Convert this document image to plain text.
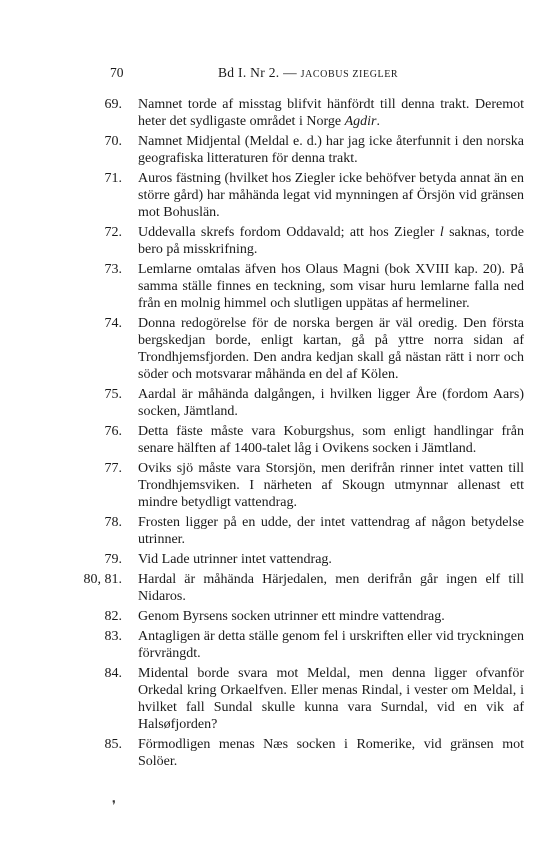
70	Bd I. Nr 2. — JACOBUS ZIEGLER
69. Namnet torde af misstag blifvit hänfördt till denna trakt. Deremot heter det sydligaste området i Norge Agdir.
70. Namnet Midjental (Meldal e. d.) har jag icke återfunnit i den norska geografiska litteraturen för denna trakt.
71. Auros fästning (hvilket hos Ziegler icke behöfver betyda annat än en större gård) har måhända legat vid mynningen af Örsjön vid gränsen mot Bohuslän.
72. Uddevalla skrefs fordom Oddavald; att hos Ziegler l saknas, torde bero på misskrifning.
73. Lemlarne omtalas äfven hos Olaus Magni (bok XVIII kap. 20). På samma ställe finnes en teckning, som visar huru lemlarne falla ned från en molnig himmel och slutligen uppätas af hermeliner.
74. Donna redogörelse för de norska bergen är väl oredig. Den första bergskedjan borde, enligt kartan, gå på yttre norra sidan af Trondhjemsfjorden. Den andra kedjan skall gå nästan rätt i norr och söder och motsvarar måhända en del af Kölen.
75. Aardal är måhända dalgången, i hvilken ligger Åre (fordom Aars) socken, Jämtland.
76. Detta fäste måste vara Koburgshus, som enligt handlingar från senare hälften af 1400-talet låg i Ovikens socken i Jämtland.
77. Oviks sjö måste vara Storsjön, men derifrån rinner intet vatten till Trondhjemsviken. I närheten af Skougn utmynnar allenast ett mindre betydligt vattendrag.
78. Frosten ligger på en udde, der intet vattendrag af någon betydelse utrinner.
79. Vid Lade utrinner intet vattendrag.
80, 81. Hardal är måhända Härjedalen, men derifrån går ingen elf till Nidaros.
82. Genom Byrsens socken utrinner ett mindre vattendrag.
83. Antagligen är detta ställe genom fel i urskriften eller vid tryckningen förvrängdt.
84. Midental borde svara mot Meldal, men denna ligger ofvanför Orkedal kring Orkaelfven. Eller menas Rindal, i vester om Meldal, i hvilket fall Sundal skulle kunna vara Surndal, vid en vik af Halsøfjorden?
85. Förmodligen menas Næs socken i Romerike, vid gränsen mot Solöer.
❜
